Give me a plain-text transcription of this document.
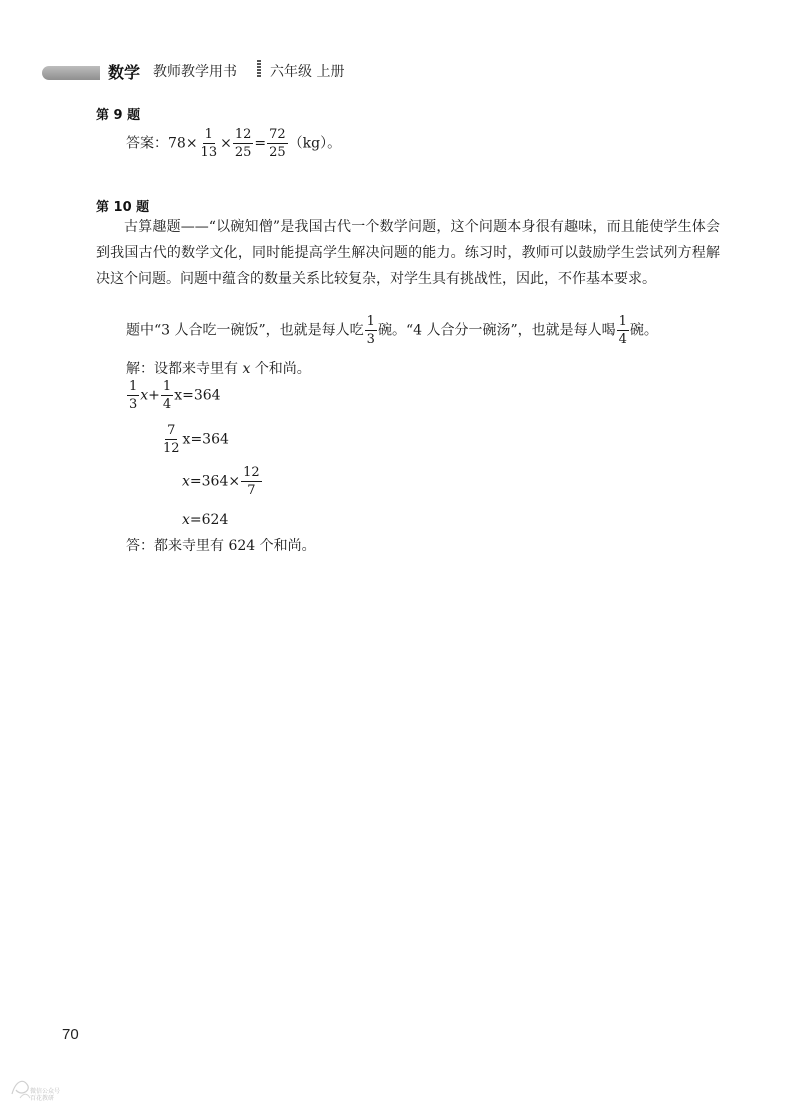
数学 教师教学用书 六年级 上册
第 9 题
答案：$78\times \frac{1}{13} \times \frac{12}{25} = \frac{72}{25} (kg)$。
第 10 题
古算趣题——“以碗知僧”是我国古代一个数学问题，这个问题本身很有趣味，而且能使学生体会到我国古代的数学文化，同时能提高学生解决问题的能力。练习时，教师可以鼓励学生尝试列方程解决这个问题。问题中蕴含的数量关系比较复杂，对学生具有挑战性，因此，不作基本要求。
题中“3 人合吃一碗饭”，也就是每人吃 $\frac{1}{3}$ 碗。“4 人合分一碗汤”，也就是每人喝 $\frac{1}{4}$ 碗。
解：设都来寺里有 x 个和尚。
$\frac{1}{3} x+ \frac{1}{4} x=364$
$\frac{7}{12} x=364$
$x=364\times \frac{12}{7}$
x=624
答：都来寺里有 624 个和尚。
70
微信公众号
百花教研
